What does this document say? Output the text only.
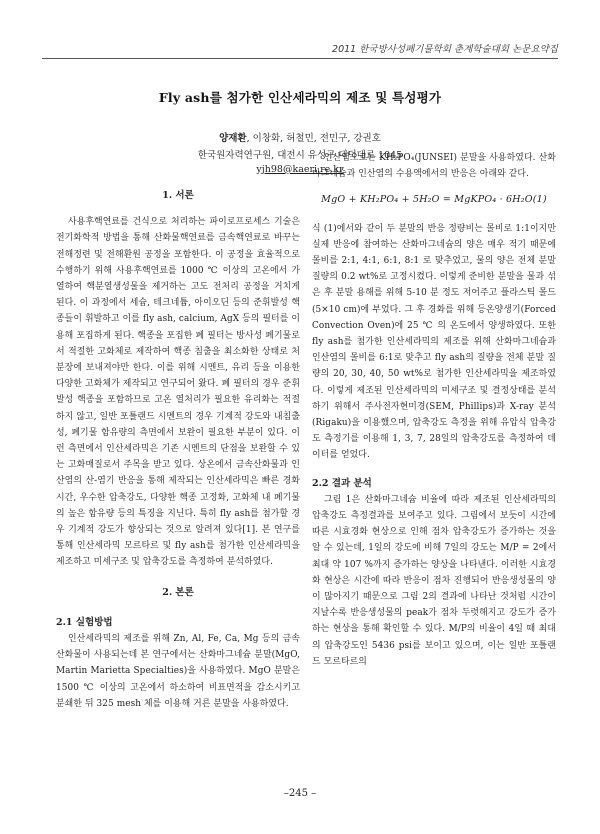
2011 한국방사성폐기물학회 춘계학술대회 논문요약집
Fly ash를 첨가한 인산세라믹의 제조 및 특성평가
양재환, 이창화, 허철민, 전민구, 강권호
한국원자력연구원, 대전시 유성구 대덕대로 1045
yjh98@kaeri.re.kr

1. 서론

사용후핵연료를 건식으로 처리하는 파이로프로세스 기술은 전기화학적 방법을 통해 산화물핵연료를 금속핵연료로 바꾸는 전해정련 및 전해환원 공정을 포함한다. 이 공정을 효율적으로 수행하기 위해 사용후핵연료를 1000 ℃ 이상의 고온에서 가열하여 핵분열생성물을 제거하는 고도 전처리 공정을 거치게 된다. 이 과정에서 세슘, 테크네튬, 아이오딘 등의 준휘발성 핵종들이 휘발하고 이를 fly ash, calcium, AgX 등의 필터를 이용해 포집하게 된다. 핵종을 포집한 폐 필터는 방사성 폐기물로서 적절한 고화체로 제작하여 핵종 침출을 최소화한 상태로 처분장에 보내져야만 한다. 이를 위해 시멘트, 유리 등을 이용한 다양한 고화체가 제작되고 연구되어 왔다. 폐 필터의 경우 준휘발성 핵종을 포함하므로 고온 열처리가 필요한 유리화는 적절하지 않고, 일반 포틀랜드 시멘트의 경우 기계적 강도와 내침출성, 폐기물 함유량의 측면에서 보완이 필요한 부분이 있다. 이런 측면에서 인산세라믹은 기존 시멘트의 단점을 보완할 수 있는 고화매질로서 주목을 받고 있다. 상온에서 금속산화물과 인산염의 산-염기 반응을 통해 제작되는 인산세라믹은 빠른 경화시간, 우수한 압축강도, 다양한 핵종 고정화, 고화체 내 폐기물의 높은 함유량 등의 특징을 지닌다. 특히 fly ash를 첨가할 경우 기계적 강도가 향상되는 것으로 알려져 있다[1]. 본 연구를 통해 인산세라믹 모르타르 및 fly ash를 첨가한 인산세라믹을 제조하고 미세구조 및 압축강도를 측정하여 분석하였다.

2. 본론

2.1 실험방법

인산세라믹의 제조를 위해 Zn, Al, Fe, Ca, Mg 등의 금속산화물이 사용되는데 본 연구에서는 산화마그네슘 분말(MgO, Martin Marietta Specialties)을 사용하였다. MgO 분말은 1500 ℃ 이상의 고온에서 하소하여 비표면적을 감소시키고 분쇄한 뒤 325 mesh 체를 이용해 거른 분말을 사용하였다.

인산염으로는 KH₂PO₄(JUNSEI) 분말을 사용하였다. 산화마그네슘과 인산염의 수용액에서의 반응은 아래와 같다.

MgO + KH₂PO₄ + 5H₂O = MgKPO₄ · 6H₂O(1)

식 (1)에서와 같이 두 분말의 반응 정량비는 몰비로 1:1이지만 실제 반응에 참여하는 산화마그네슘의 양은 매우 적기 때문에 몰비를 2:1, 4:1, 6:1, 8:1 로 맞추었고, 물의 양은 전체 분말 질량의 0.2 wt%로 고정시켰다. 이렇게 준비한 분말을 물과 섞은 후 분말 용해를 위해 5-10 분 정도 저어주고 플라스틱 몰드(5×10 cm)에 부었다. 그 후 경화를 위해 등온양생기(Forced Convection Oven)에 25 ℃ 의 온도에서 양생하였다. 또한 fly ash를 첨가한 인산세라믹의 제조를 위해 산화마그네슘과 인산염의 몰비를 6:1로 맞추고 fly ash의 질량을 전체 분말 질량의 20, 30, 40, 50 wt%로 첨가한 인산세라믹을 제조하였다. 이렇게 제조된 인산세라믹의 미세구조 및 결정상태를 분석하기 위해서 주사전자현미경(SEM, Phillips)과 X-ray 분석(Rigaku)을 이용했으며, 압축강도 측정을 위해 유압식 압축강도 측정기를 이용해 1, 3, 7, 28일의 압축강도를 측정하여 데이터를 얻었다.

2.2 결과 분석

그림 1은 산화마그네슘 비율에 따라 제조된 인산세라믹의 압축강도 측정결과를 보여주고 있다. 그림에서 보듯이 시간에 따른 시효경화 현상으로 인해 점차 압축강도가 증가하는 것을 알 수 있는데, 1일의 강도에 비해 7일의 강도는 M/P = 2에서 최대 약 107 %까지 증가하는 양상을 나타낸다. 이러한 시효경화 현상은 시간에 따라 반응이 점차 진행되어 반응생성물의 양이 많아지기 때문으로 그림 2의 결과에 나타난 것처럼 시간이 지날수록 반응생성물의 peak가 점차 두렷해지고 강도가 증가하는 현상을 통해 확인할 수 있다. M/P의 비율이 4일 때 최대의 압축강도인 5436 psi를 보이고 있으며, 이는 일반 포틀랜드 모르타르의

–245 –
